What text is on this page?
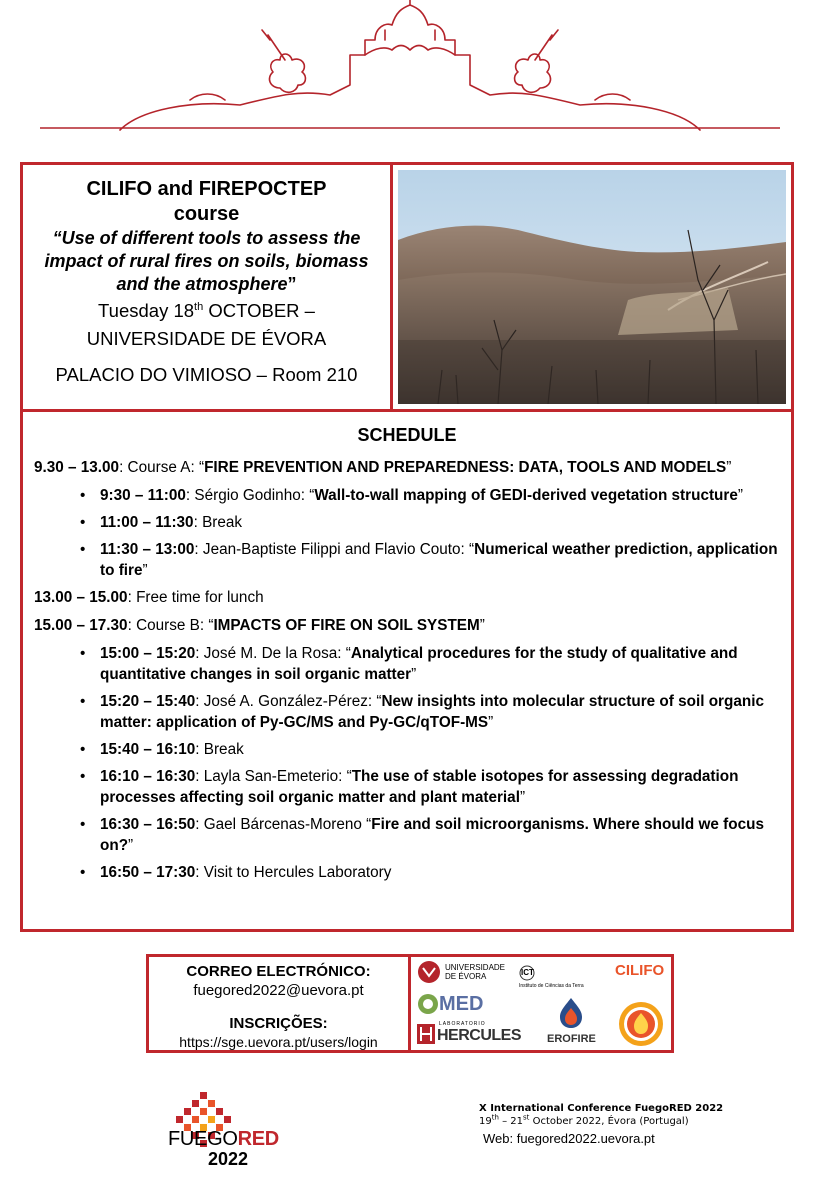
CILIFO and FIREPOCTEP
course
“Use of different tools to assess the impact of rural fires on soils, biomass and the atmosphere”
Tuesday 18th OCTOBER –
UNIVERSIDADE DE ÉVORA
PALACIO DO VIMIOSO – Room 210
SCHEDULE
9.30 – 13.00: Course A: “FIRE PREVENTION AND PREPAREDNESS: DATA, TOOLS AND MODELS”
• 9:30 – 11:00: Sérgio Godinho: “Wall-to-wall mapping of GEDI-derived vegetation structure”
• 11:00 – 11:30: Break
• 11:30 – 13:00: Jean-Baptiste Filippi and Flavio Couto: “Numerical weather prediction, application to fire”
13.00 – 15.00: Free time for lunch
15.00 – 17.30: Course B: “IMPACTS OF FIRE ON SOIL SYSTEM”
• 15:00 – 15:20: José M. De la Rosa: “Analytical procedures for the study of qualitative and quantitative changes in soil organic matter”
• 15:20 – 15:40: José A. González-Pérez: “New insights into molecular structure of soil organic matter: application of Py-GC/MS and Py-GC/qTOF-MS”
• 15:40 – 16:10: Break
• 16:10 – 16:30: Layla San-Emeterio: “The use of stable isotopes for assessing degradation processes affecting soil organic matter and plant material”
• 16:30 – 16:50: Gael Bárcenas-Moreno “Fire and soil microorganisms. Where should we focus on?”
• 16:50 – 17:30: Visit to Hercules Laboratory
CORREO ELECTRÓNICO:
fuegored2022@uevora.pt
INSCRIÇÕES:
https://sge.uevora.pt/users/login
UNIVERSIDADE
DE ÉVORA	ICT
Instituto de Ciências da Terra
CILIFO
MED
LABORATORIO
HERCULES EROFIRE
FUEGORED
2022
X International Conference FuegoRED 2022
19th – 21st October 2022, Évora (Portugal)
Web: fuegored2022.uevora.pt
